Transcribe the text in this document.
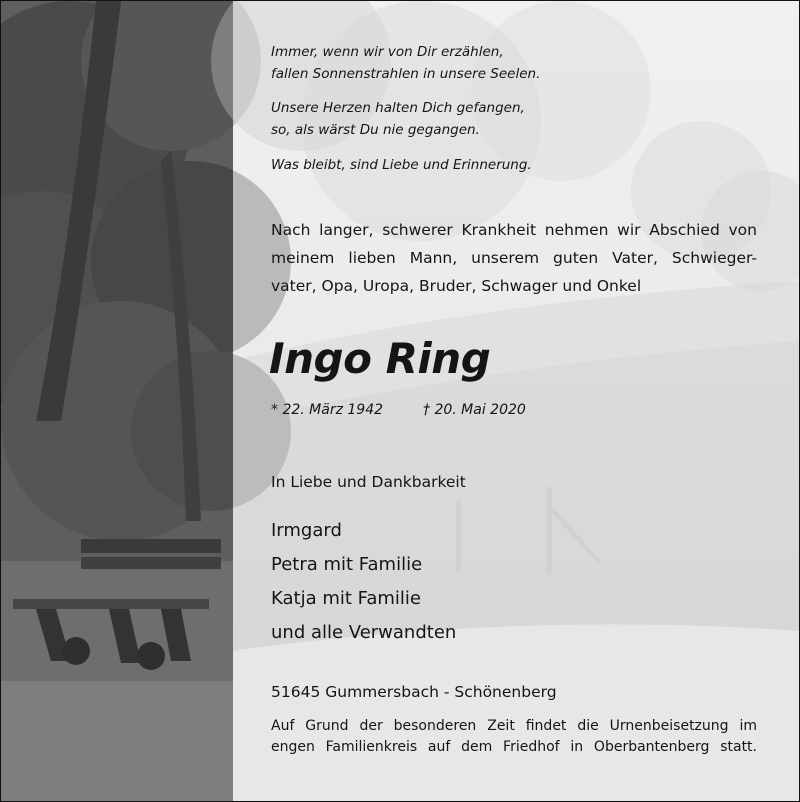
Immer, wenn wir von Dir erzählen,
fallen Sonnenstrahlen in unsere Seelen.

Unsere Herzen halten Dich gefangen,
so, als wärst Du nie gegangen.

Was bleibt, sind Liebe und Erinnerung.

Nach langer, schwerer Krankheit nehmen wir Abschied von
meinem lieben Mann, unserem guten Vater, Schwieger-
vater, Opa, Uropa, Bruder, Schwager und Onkel

Ingo Ring
* 22. März 1942	† 20. Mai 2020

In Liebe und Dankbarkeit

Irmgard
Petra mit Familie
Katja mit Familie
und alle Verwandten

51645 Gummersbach - Schönenberg

Auf Grund der besonderen Zeit findet die Urnenbeisetzung im
engen Familienkreis auf dem Friedhof in Oberbantenberg statt.
